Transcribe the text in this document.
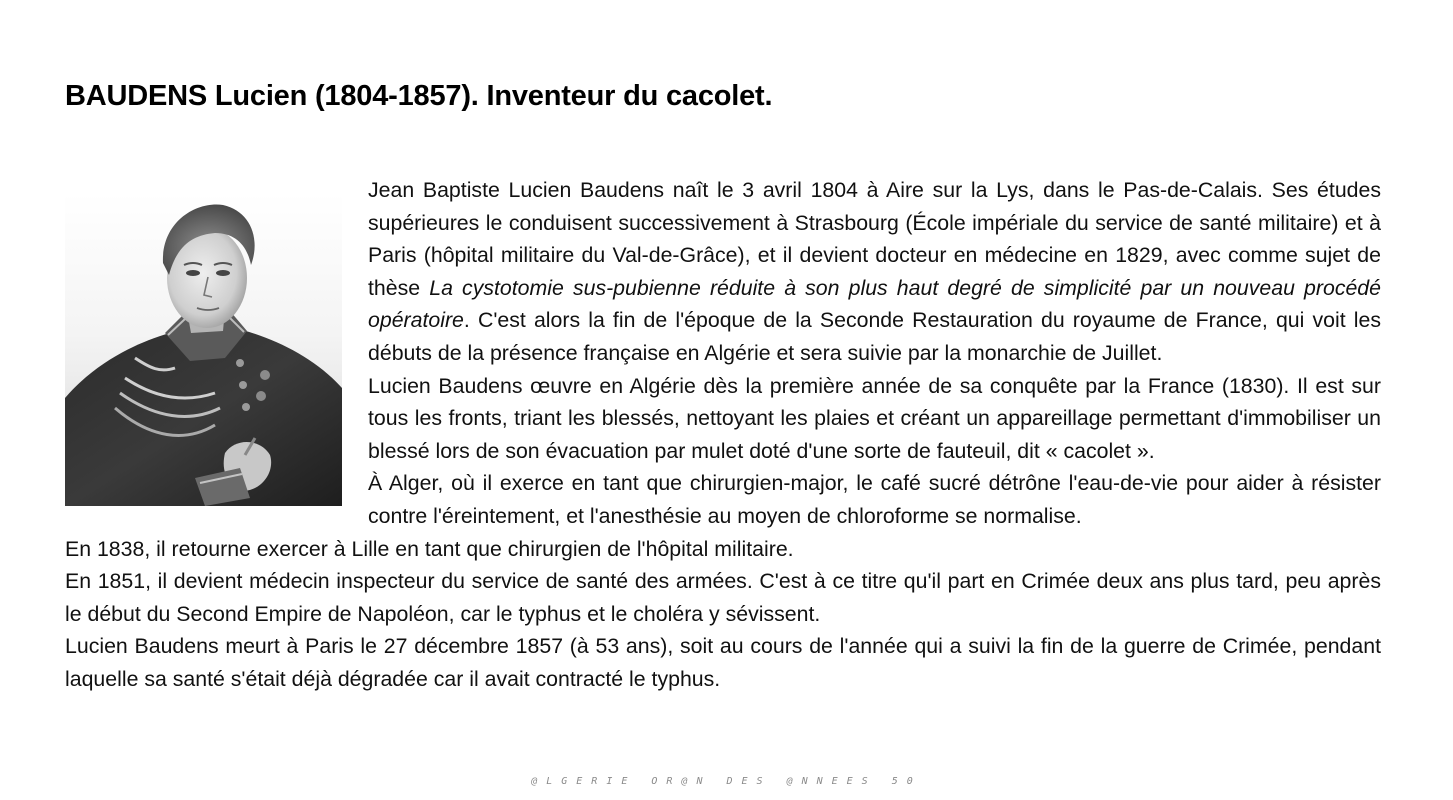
BAUDENS Lucien (1804-1857). Inventeur du cacolet.

Jean Baptiste Lucien Baudens naît le 3 avril 1804 à Aire sur la Lys, dans le Pas-de-Calais. Ses études supérieures le conduisent successivement à Strasbourg (École impériale du service de santé militaire) et à Paris (hôpital militaire du Val-de-Grâce), et il devient docteur en médecine en 1829, avec comme sujet de thèse La cystotomie sus-pubienne réduite à son plus haut degré de simplicité par un nouveau procédé opératoire. C'est alors la fin de l'époque de la Seconde Restauration du royaume de France, qui voit les débuts de la présence française en Algérie et sera suivie par la monarchie de Juillet.

Lucien Baudens œuvre en Algérie dès la première année de sa conquête par la France (1830). Il est sur tous les fronts, triant les blessés, nettoyant les plaies et créant un appareillage permettant d'immobiliser un blessé lors de son évacuation par mulet doté d'une sorte de fauteuil, dit « cacolet ».

À Alger, où il exerce en tant que chirurgien-major, le café sucré détrône l'eau-de-vie pour aider à résister contre l'éreintement, et l'anesthésie au moyen de chloroforme se normalise.

En 1838, il retourne exercer à Lille en tant que chirurgien de l'hôpital militaire.

En 1851, il devient médecin inspecteur du service de santé des armées. C'est à ce titre qu'il part en Crimée deux ans plus tard, peu après le début du Second Empire de Napoléon, car le typhus et le choléra y sévissent.

Lucien Baudens meurt à Paris le 27 décembre 1857 (à 53 ans), soit au cours de l'année qui a suivi la fin de la guerre de Crimée, pendant laquelle sa santé s'était déjà dégradée car il avait contracté le typhus.

@LGERIE OR@N DES @NNEES 50
